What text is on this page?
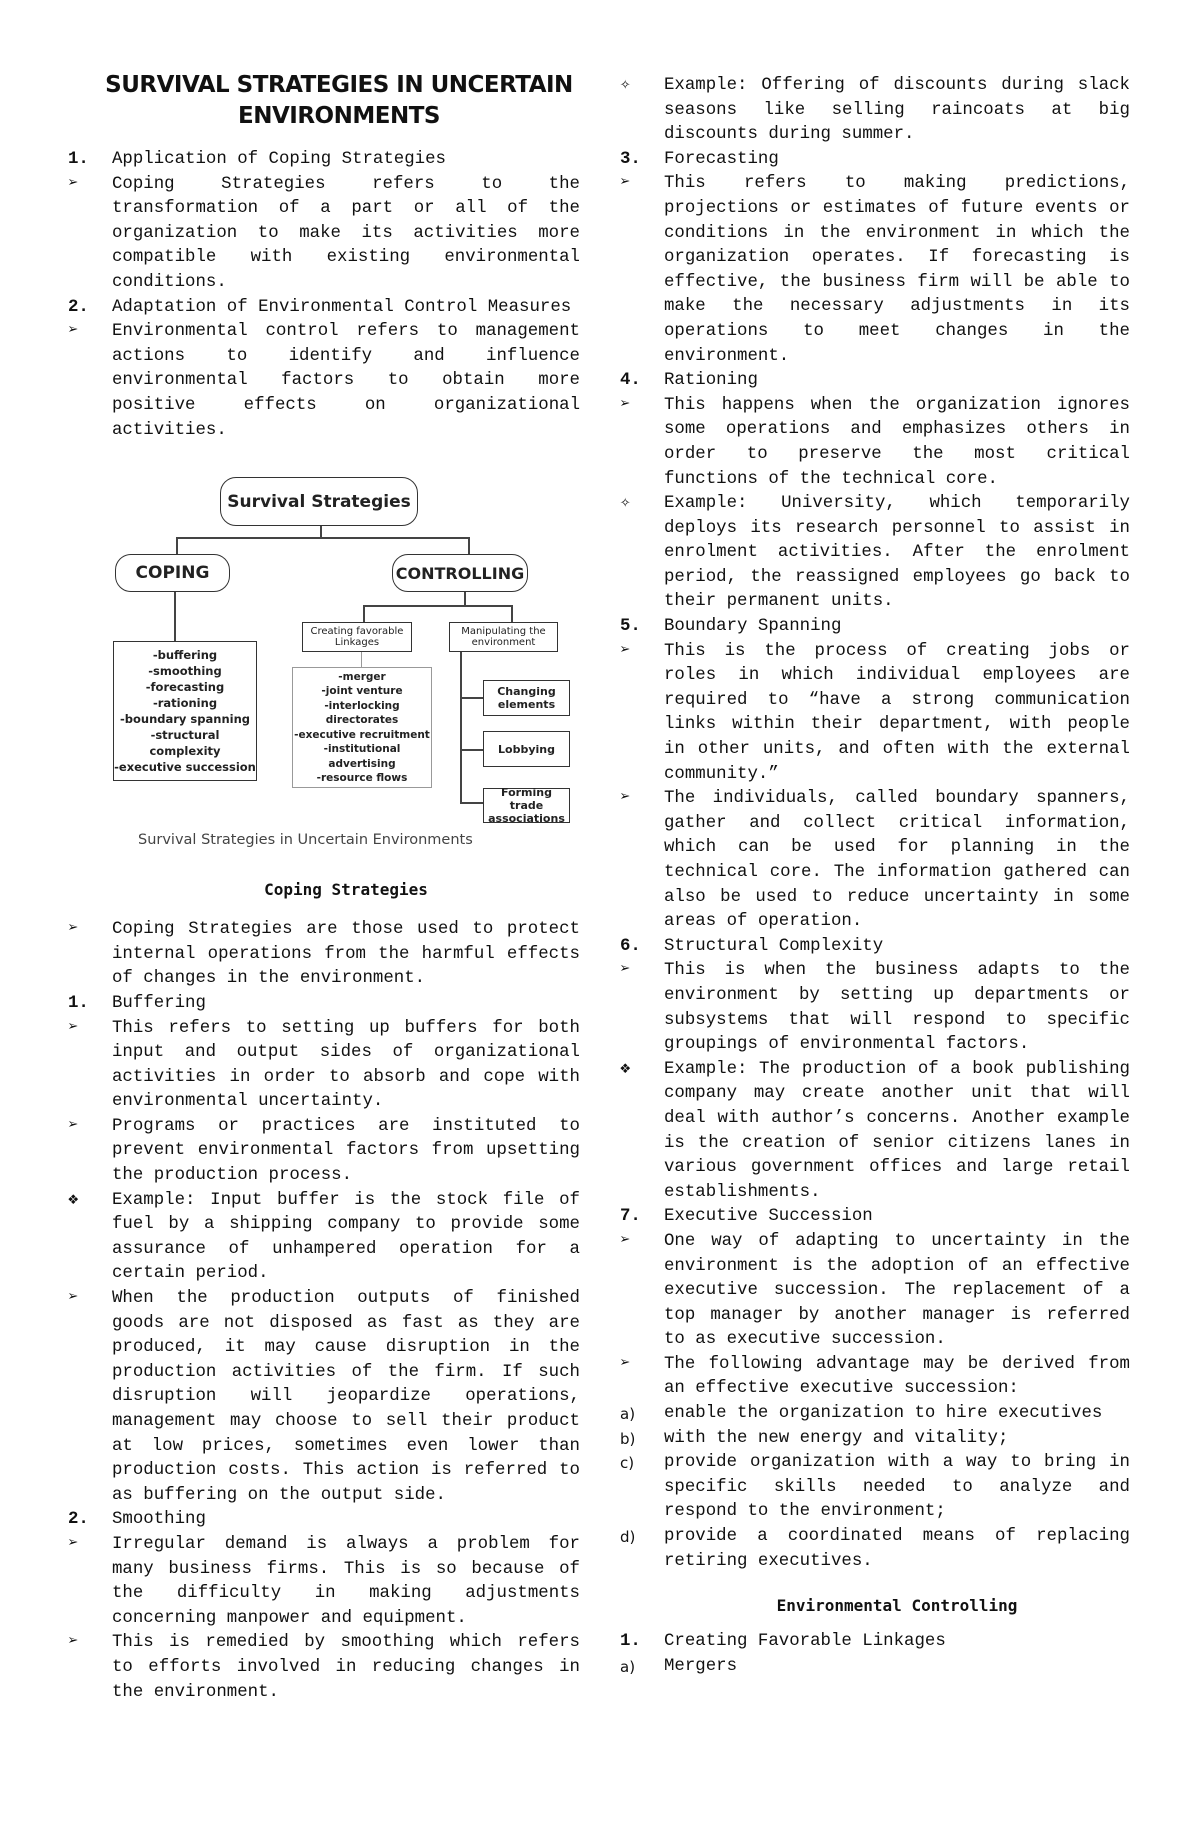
SURVIVAL STRATEGIES IN UNCERTAIN
ENVIRONMENTS
1.	Application of Coping Strategies
➢	Coping Strategies refers to the transformation of a part or all of the organization to make its activities more compatible with existing environmental conditions.
2.	Adaptation of Environmental Control Measures
➢	Environmental control refers to management actions to identify and influence environmental factors to obtain more positive effects on organizational activities.
Survival Strategies
COPING	CONTROLLING
-buffering
-smoothing
-forecasting
-rationing
-boundary spanning
-structural complexity
-executive succession
Creating favorable Linkages
Manipulating the environment
-merger
-joint venture
-interlocking
directorates
-executive recruitment
-institutional advertising
-resource flows
Changing elements
Lobbying
Forming trade associations
Survival Strategies in Uncertain Environments
Coping Strategies
➢	Coping Strategies are those used to protect internal operations from the harmful effects of changes in the environment.
1.	Buffering
➢	This refers to setting up buffers for both input and output sides of organizational activities in order to absorb and cope with environmental uncertainty.
➢	Programs or practices are instituted to prevent environmental factors from upsetting the production process.
❖	Example: Input buffer is the stock file of fuel by a shipping company to provide some assurance of unhampered operation for a certain period.
➢	When the production outputs of finished goods are not disposed as fast as they are produced, it may cause disruption in the production activities of the firm. If such disruption will jeopardize operations, management may choose to sell their product at low prices, sometimes even lower than production costs. This action is referred to as buffering on the output side.
2.	Smoothing
➢	Irregular demand is always a problem for many business firms. This is so because of the difficulty in making adjustments concerning manpower and equipment.
➢	This is remedied by smoothing which refers to efforts involved in reducing changes in the environment.
✧	Example: Offering of discounts during slack seasons like selling raincoats at big discounts during summer.
3.	Forecasting
➢	This refers to making predictions, projections or estimates of future events or conditions in the environment in which the organization operates. If forecasting is effective, the business firm will be able to make the necessary adjustments in its operations to meet changes in the environment.
4.	Rationing
➢	This happens when the organization ignores some operations and emphasizes others in order to preserve the most critical functions of the technical core.
✧	Example: University, which temporarily deploys its research personnel to assist in enrolment activities. After the enrolment period, the reassigned employees go back to their permanent units.
5.	Boundary Spanning
➢	This is the process of creating jobs or roles in which individual employees are required to “have a strong communication links within their department, with people in other units, and often with the external community.”
➢	The individuals, called boundary spanners, gather and collect critical information, which can be used for planning in the technical core. The information gathered can also be used to reduce uncertainty in some areas of operation.
6.	Structural Complexity
➢	This is when the business adapts to the environment by setting up departments or subsystems that will respond to specific groupings of environmental factors.
❖	Example: The production of a book publishing company may create another unit that will deal with author’s concerns. Another example is the creation of senior citizens lanes in various government offices and large retail establishments.
7.	Executive Succession
➢	One way of adapting to uncertainty in the environment is the adoption of an effective executive succession. The replacement of a top manager by another manager is referred to as executive succession.
➢	The following advantage may be derived from an effective executive succession:
a)	enable the organization to hire executives
b)	with the new energy and vitality;
c)	provide organization with a way to bring in specific skills needed to analyze and respond to the environment;
d)	provide a coordinated means of replacing retiring executives.
Environmental Controlling
1.	Creating Favorable Linkages
a)	Mergers
